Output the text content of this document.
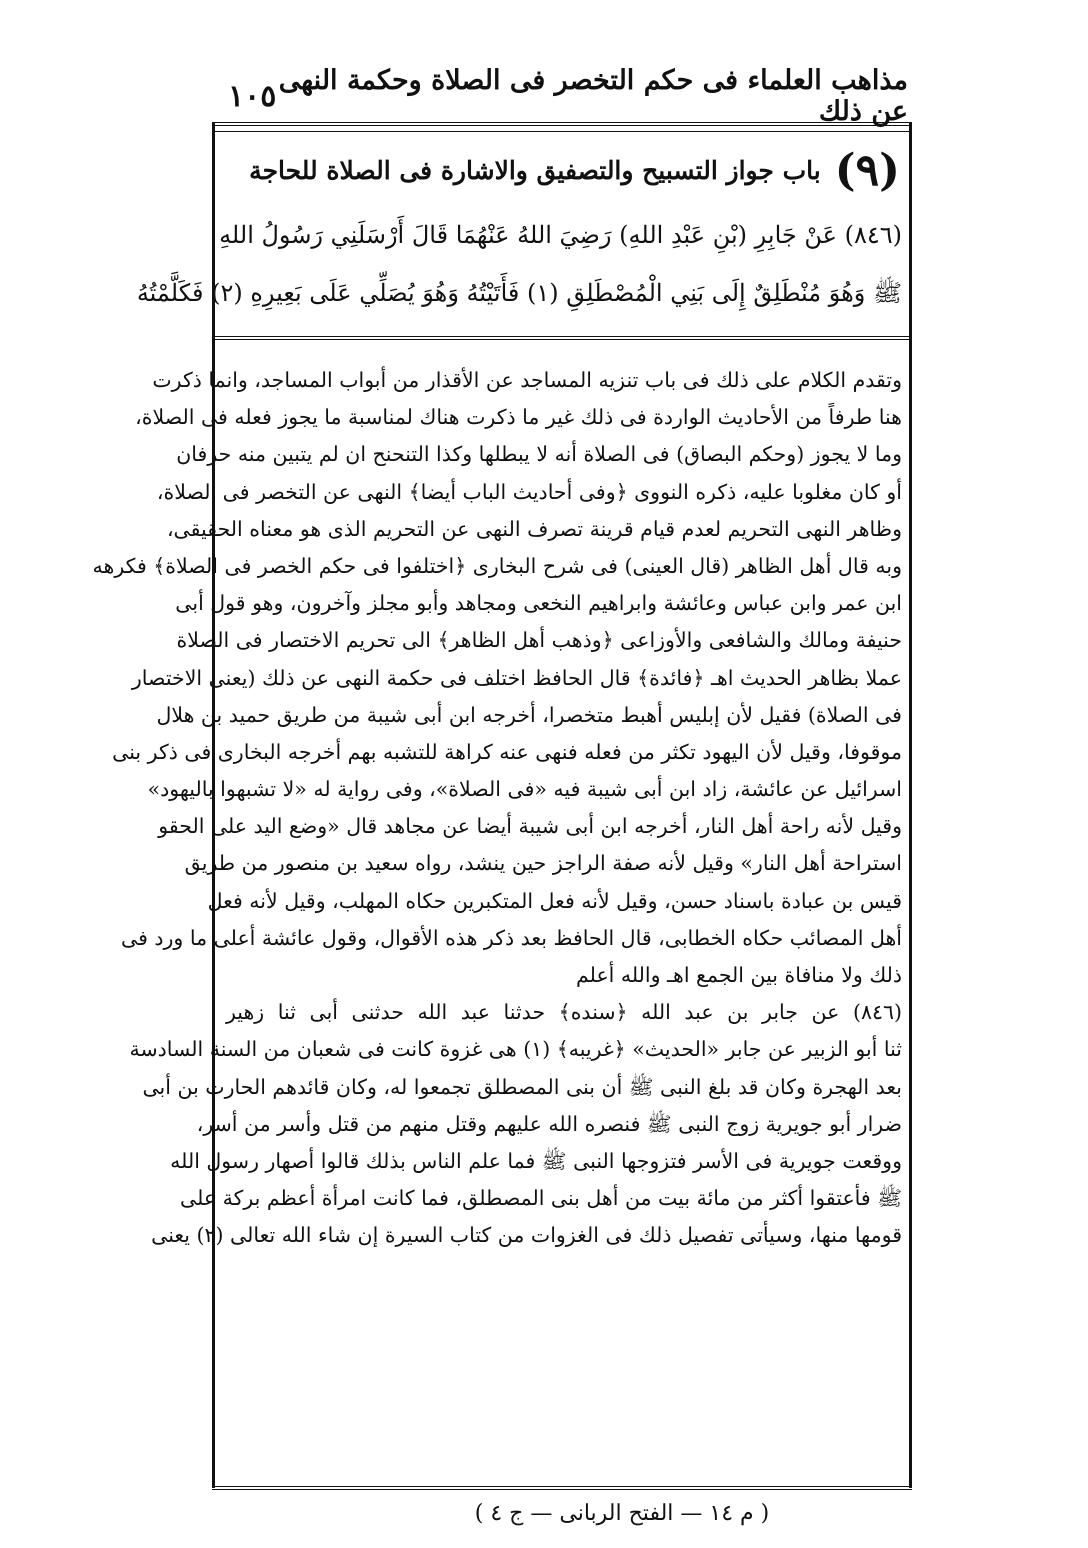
مذاهب العلماء فى حكم التخصر فى الصلاة وحكمة النهى عن ذلك
١٠٥
(٩)
باب جواز التسبيح والتصفيق والاشارة فى الصلاة للحاجة

(٨٤٦) عَنْ جَابِرِ (بْنِ عَبْدِ اللهِ) رَضِيَ اللهُ عَنْهُمَا قَالَ أَرْسَلَنِي رَسُولُ اللهِ

ﷺ وَهُوَ مُنْطَلِقٌ إِلَى بَنِي الْمُصْطَلِقِ (١) فَأَتَيْتُهُ وَهُوَ يُصَلِّي عَلَى بَعِيرِهِ (٢) فَكَلَّمْتُهُ

وتقدم الكلام على ذلك فى باب تنزيه المساجد عن الأقذار من أبواب المساجد، وانما ذكرت
هنا طرفاً من الأحاديث الواردة فى ذلك غير ما ذكرت هناك لمناسبة ما يجوز فعله فى الصلاة،
وما لا يجوز (وحكم البصاق) فى الصلاة أنه لا يبطلها وكذا التنحنح ان لم يتبين منه حرفان
أو كان مغلوبا عليه، ذكره النووى ﴿وفى أحاديث الباب أيضا﴾ النهى عن التخصر فى الصلاة،
وظاهر النهى التحريم لعدم قيام قرينة تصرف النهى عن التحريم الذى هو معناه الحقيقى،
وبه قال أهل الظاهر (قال العينى) فى شرح البخارى ﴿اختلفوا فى حكم الخصر فى الصلاة﴾ فكرهه
ابن عمر وابن عباس وعائشة وابراهيم النخعى ومجاهد وأبو مجلز وآخرون، وهو قول أبى
حنيفة ومالك والشافعى والأوزاعى ﴿وذهب أهل الظاهر﴾ الى تحريم الاختصار فى الصلاة
عملا بظاهر الحديث اهـ ﴿فائدة﴾ قال الحافظ اختلف فى حكمة النهى عن ذلك (يعنى الاختصار
فى الصلاة) فقيل لأن إبليس أهبط متخصرا، أخرجه ابن أبى شيبة من طريق حميد بن هلال
موقوفا، وقيل لأن اليهود تكثر من فعله فنهى عنه كراهة للتشبه بهم أخرجه البخارى فى ذكر بنى
اسرائيل عن عائشة، زاد ابن أبى شيبة فيه «فى الصلاة»، وفى رواية له «لا تشبهوا باليهود»
وقيل لأنه راحة أهل النار، أخرجه ابن أبى شيبة أيضا عن مجاهد قال «وضع اليد على الحقو
استراحة أهل النار» وقيل لأنه صفة الراجز حين ينشد، رواه سعيد بن منصور من طريق
قيس بن عبادة باسناد حسن، وقيل لأنه فعل المتكبرين حكاه المهلب، وقيل لأنه فعل
أهل المصائب حكاه الخطابى، قال الحافظ بعد ذكر هذه الأقوال، وقول عائشة أعلى ما ورد فى
ذلك ولا منافاة بين الجمع اهـ والله أعلم
(٨٤٦) عن جابر بن عبد الله ﴿سنده﴾ حدثنا عبد الله حدثنى أبى ثنا زهير
ثنا أبو الزبير عن جابر «الحديث» ﴿غريبه﴾ (١) هى غزوة كانت فى شعبان من السنة السادسة
بعد الهجرة وكان قد بلغ النبى ﷺ أن بنى المصطلق تجمعوا له، وكان قائدهم الحارث بن أبى
ضرار أبو جويرية زوج النبى ﷺ فنصره الله عليهم وقتل منهم من قتل وأسر من أسر،
ووقعت جويرية فى الأسر فتزوجها النبى ﷺ فما علم الناس بذلك قالوا أصهار رسول الله
ﷺ فأعتقوا أكثر من مائة بيت من أهل بنى المصطلق، فما كانت امرأة أعظم بركة على
قومها منها، وسيأتى تفصيل ذلك فى الغزوات من كتاب السيرة إن شاء الله تعالى (٢) يعنى
( م ١٤ — الفتح الربانى — ج ٤ )
